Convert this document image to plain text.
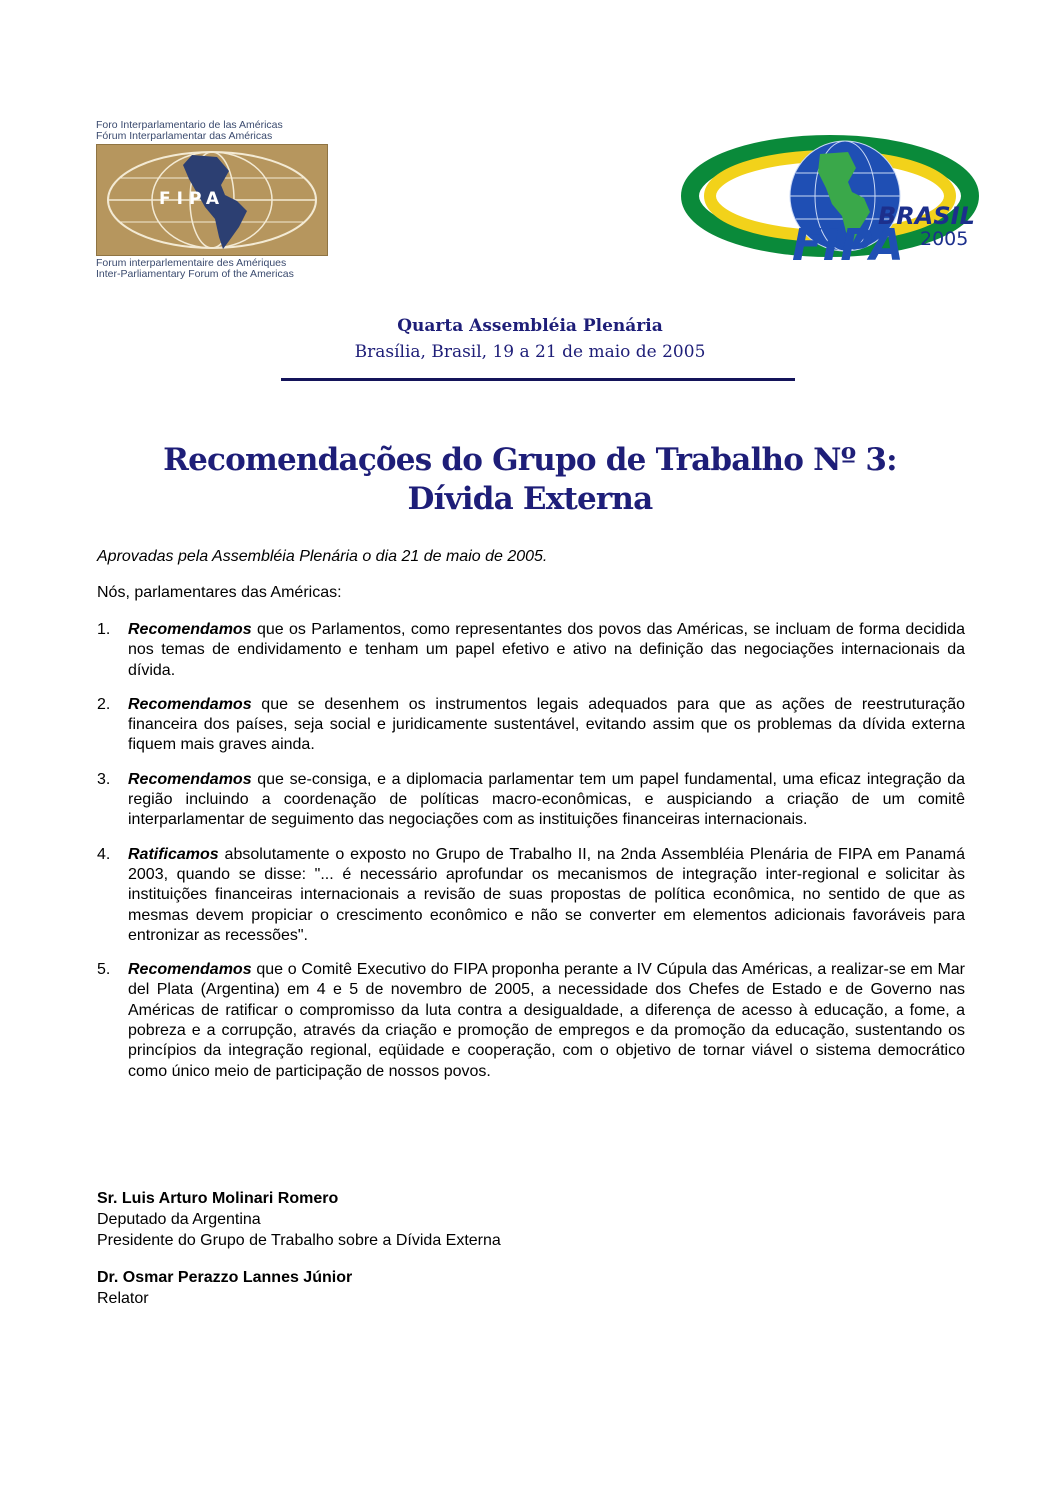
Foro Interparlamentario de las Américas
Fórum Interparlamentar das Américas
FIPA
Forum interparlementaire des Amériques
Inter-Parliamentary Forum of the Americas
BRASIL
FIPA 2005
Quarta Assembléia Plenária
Brasília, Brasil, 19 a 21 de maio de 2005
Recomendações do Grupo de Trabalho Nº 3:
Dívida Externa
Aprovadas pela Assembléia Plenária o dia 21 de maio de 2005.
Nós, parlamentares das Américas:
1. Recomendamos que os Parlamentos, como representantes dos povos das Américas, se incluam de forma decidida nos temas de endividamento e tenham um papel efetivo e ativo na definição das negociações internacionais da dívida.
2. Recomendamos que se desenhem os instrumentos legais adequados para que as ações de reestruturação financeira dos países, seja social e juridicamente sustentável, evitando assim que os problemas da dívida externa fiquem mais graves ainda.
3. Recomendamos que se-consiga, e a diplomacia parlamentar tem um papel fundamental, uma eficaz integração da região incluindo a coordenação de políticas macro-econômicas, e auspiciando a criação de um comitê interparlamentar de seguimento das negociações com as instituições financeiras internacionais.
4. Ratificamos absolutamente o exposto no Grupo de Trabalho II, na 2nda Assembléia Plenária de FIPA em Panamá 2003, quando se disse: "... é necessário aprofundar os mecanismos de integração inter-regional e solicitar às instituições financeiras internacionais a revisão de suas propostas de política econômica, no sentido de que as mesmas devem propiciar o crescimento econômico e não se converter em elementos adicionais favoráveis para entronizar as recessões".
5. Recomendamos que o Comitê Executivo do FIPA proponha perante a IV Cúpula das Américas, a realizar-se em Mar del Plata (Argentina) em 4 e 5 de novembro de 2005, a necessidade dos Chefes de Estado e de Governo nas Américas de ratificar o compromisso da luta contra a desigualdade, a diferença de acesso à educação, a fome, a pobreza e a corrupção, através da criação e promoção de empregos e da promoção da educação, sustentando os princípios da integração regional, eqüidade e cooperação, com o objetivo de tornar viável o sistema democrático como único meio de participação de nossos povos.
Sr. Luis Arturo Molinari Romero
Deputado da Argentina
Presidente do Grupo de Trabalho sobre a Dívida Externa
Dr. Osmar Perazzo Lannes Júnior
Relator
